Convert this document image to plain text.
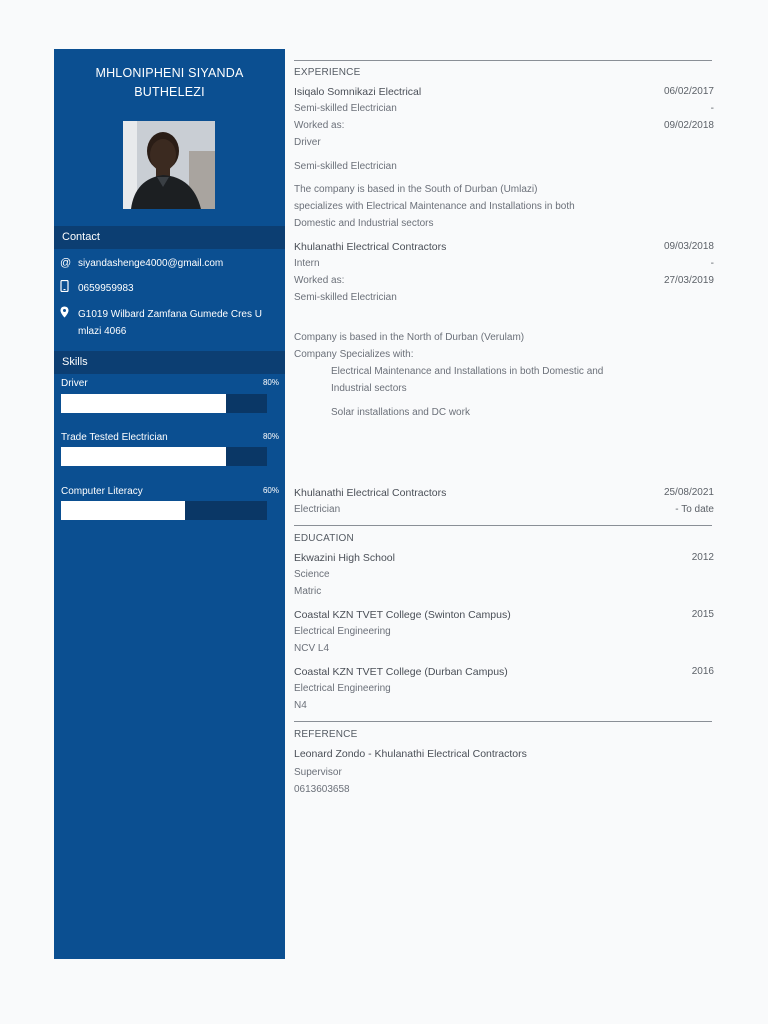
MHLONIPHENI SIYANDA
BUTHELEZI
Contact
@ siyandashenge4000@gmail.com
0659959983
G1019 Wilbard Zamfana Gumede Cres U
mlazi 4066
Skills
Driver	80%
Trade Tested Electrician	80%
Computer Literacy	60%
EXPERIENCE
Isiqalo Somnikazi Electrical	06/02/2017
Semi-skilled Electrician	-
Worked as:	09/02/2018
Driver
Semi-skilled Electrician
The company is based in the South of Durban (Umlazi)
specializes with Electrical Maintenance and Installations in both
Domestic and Industrial sectors
Khulanathi Electrical Contractors	09/03/2018
Intern	-
Worked as:	27/03/2019
Semi-skilled Electrician
Company is based in the North of Durban (Verulam)
Company Specializes with:
Electrical Maintenance and Installations in both Domestic and
Industrial sectors
Solar installations and DC work
Khulanathi Electrical Contractors	25/08/2021
Electrician	- To date
EDUCATION
Ekwazini High School	2012
Science
Matric
Coastal KZN TVET College (Swinton Campus)	2015
Electrical Engineering
NCV L4
Coastal KZN TVET College (Durban Campus)	2016
Electrical Engineering
N4
REFERENCE
Leonard Zondo - Khulanathi Electrical Contractors
Supervisor
0613603658
